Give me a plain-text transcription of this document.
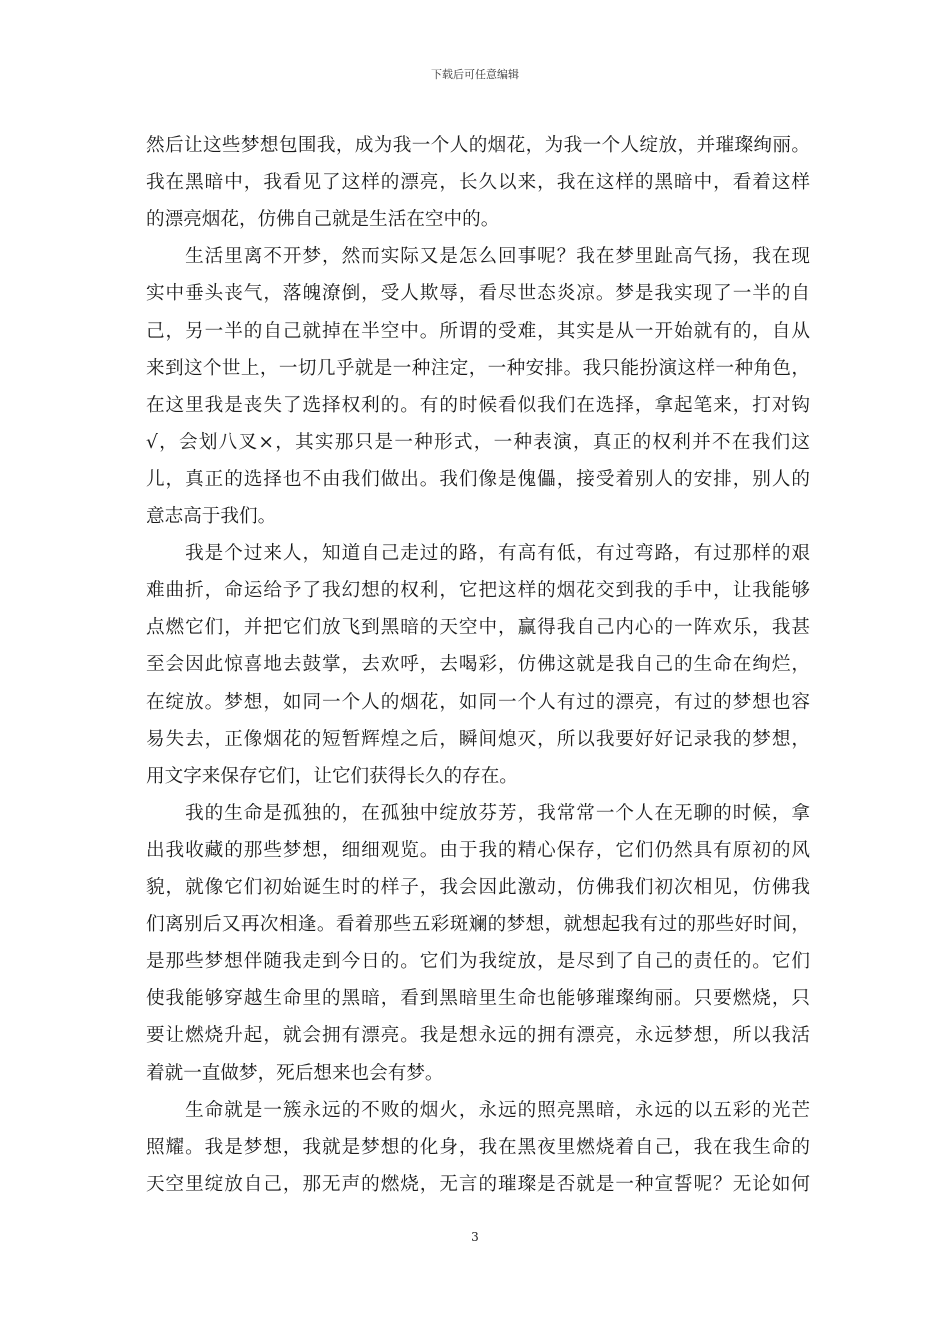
下载后可任意编辑
然后让这些梦想包围我，成为我一个人的烟花，为我一个人绽放，并璀璨绚丽。
我在黑暗中，我看见了这样的漂亮，长久以来，我在这样的黑暗中，看着这样
的漂亮烟花，仿佛自己就是生活在空中的。
　　生活里离不开梦，然而实际又是怎么回事呢？我在梦里趾高气扬，我在现
实中垂头丧气，落魄潦倒，受人欺辱，看尽世态炎凉。梦是我实现了一半的自
己，另一半的自己就掉在半空中。所谓的受难，其实是从一开始就有的，自从
来到这个世上，一切几乎就是一种注定，一种安排。我只能扮演这样一种角色，
在这里我是丧失了选择权利的。有的时候看似我们在选择，拿起笔来，打对钩
√，会划八叉×，其实那只是一种形式，一种表演，真正的权利并不在我们这
儿，真正的选择也不由我们做出。我们像是傀儡，接受着别人的安排，别人的
意志高于我们。
　　我是个过来人，知道自己走过的路，有高有低，有过弯路，有过那样的艰
难曲折，命运给予了我幻想的权利，它把这样的烟花交到我的手中，让我能够
点燃它们，并把它们放飞到黑暗的天空中，赢得我自己内心的一阵欢乐，我甚
至会因此惊喜地去鼓掌，去欢呼，去喝彩，仿佛这就是我自己的生命在绚烂，
在绽放。梦想，如同一个人的烟花，如同一个人有过的漂亮，有过的梦想也容
易失去，正像烟花的短暂辉煌之后，瞬间熄灭，所以我要好好记录我的梦想，
用文字来保存它们，让它们获得长久的存在。
　　我的生命是孤独的，在孤独中绽放芬芳，我常常一个人在无聊的时候，拿
出我收藏的那些梦想，细细观览。由于我的精心保存，它们仍然具有原初的风
貌，就像它们初始诞生时的样子，我会因此激动，仿佛我们初次相见，仿佛我
们离别后又再次相逢。看着那些五彩斑斓的梦想，就想起我有过的那些好时间，
是那些梦想伴随我走到今日的。它们为我绽放，是尽到了自己的责任的。它们
使我能够穿越生命里的黑暗，看到黑暗里生命也能够璀璨绚丽。只要燃烧，只
要让燃烧升起，就会拥有漂亮。我是想永远的拥有漂亮，永远梦想，所以我活
着就一直做梦，死后想来也会有梦。
　　生命就是一簇永远的不败的烟火，永远的照亮黑暗，永远的以五彩的光芒
照耀。我是梦想，我就是梦想的化身，我在黑夜里燃烧着自己，我在我生命的
天空里绽放自己，那无声的燃烧，无言的璀璨是否就是一种宣誓呢？无论如何
3
